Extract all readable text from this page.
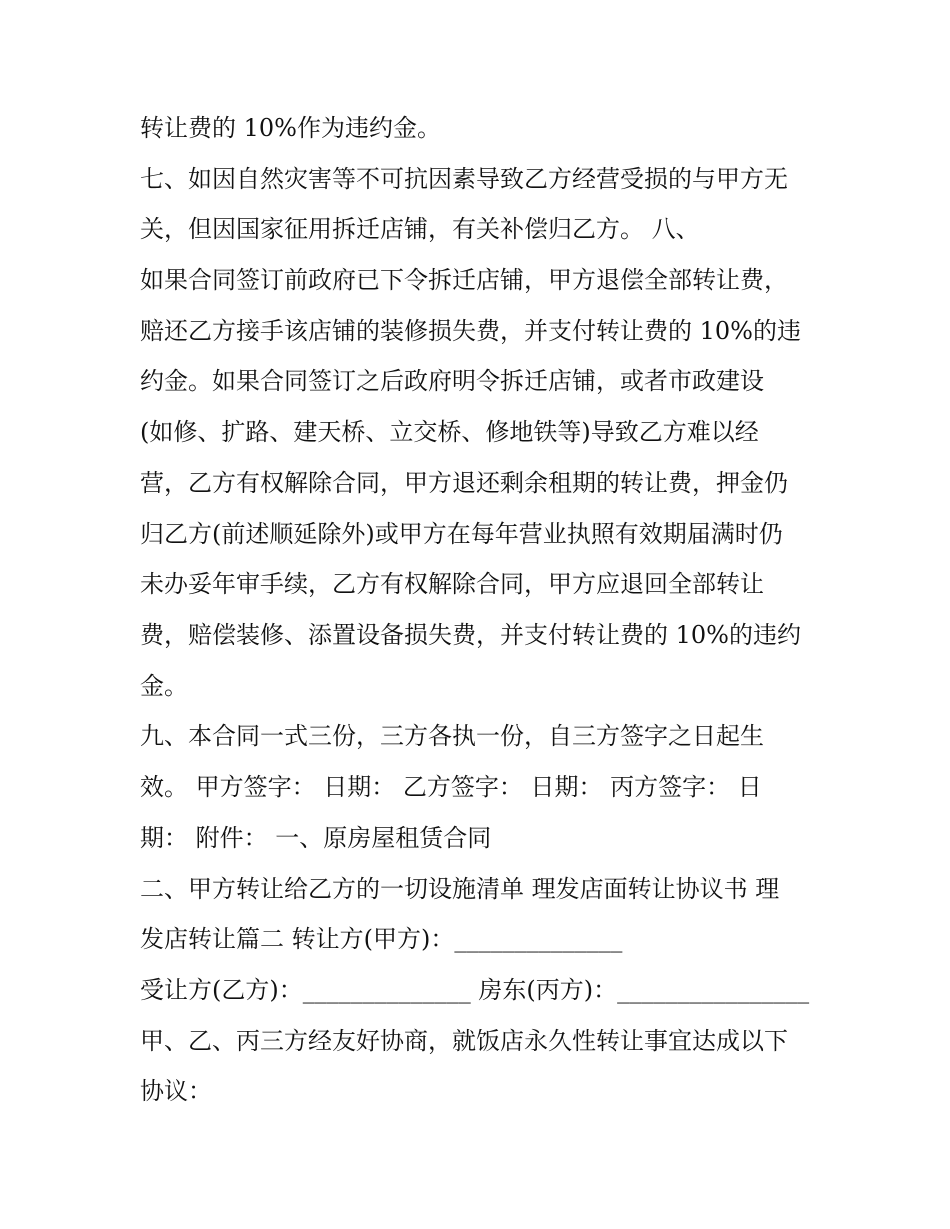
转让费的 10%作为违约金。
七、如因自然灾害等不可抗因素导致乙方经营受损的与甲方无
关，但因国家征用拆迁店铺，有关补偿归乙方。 八、
如果合同签订前政府已下令拆迁店铺，甲方退偿全部转让费，
赔还乙方接手该店铺的装修损失费，并支付转让费的 10%的违
约金。如果合同签订之后政府明令拆迁店铺，或者市政建设
(如修、扩路、建天桥、立交桥、修地铁等)导致乙方难以经
营，乙方有权解除合同，甲方退还剩余租期的转让费，押金仍
归乙方(前述顺延除外)或甲方在每年营业执照有效期届满时仍
未办妥年审手续，乙方有权解除合同，甲方应退回全部转让
费，赔偿装修、添置设备损失费，并支付转让费的 10%的违约
金。
九、本合同一式三份，三方各执一份，自三方签字之日起生
效。 甲方签字： 日期： 乙方签字： 日期： 丙方签字： 日
期： 附件： 一、原房屋租赁合同
二、甲方转让给乙方的一切设施清单 理发店面转让协议书 理
发店转让篇二 转让方(甲方)：______________
受让方(乙方)：______________ 房东(丙方)：________________
甲、乙、丙三方经友好协商，就饭店永久性转让事宜达成以下
协议：
